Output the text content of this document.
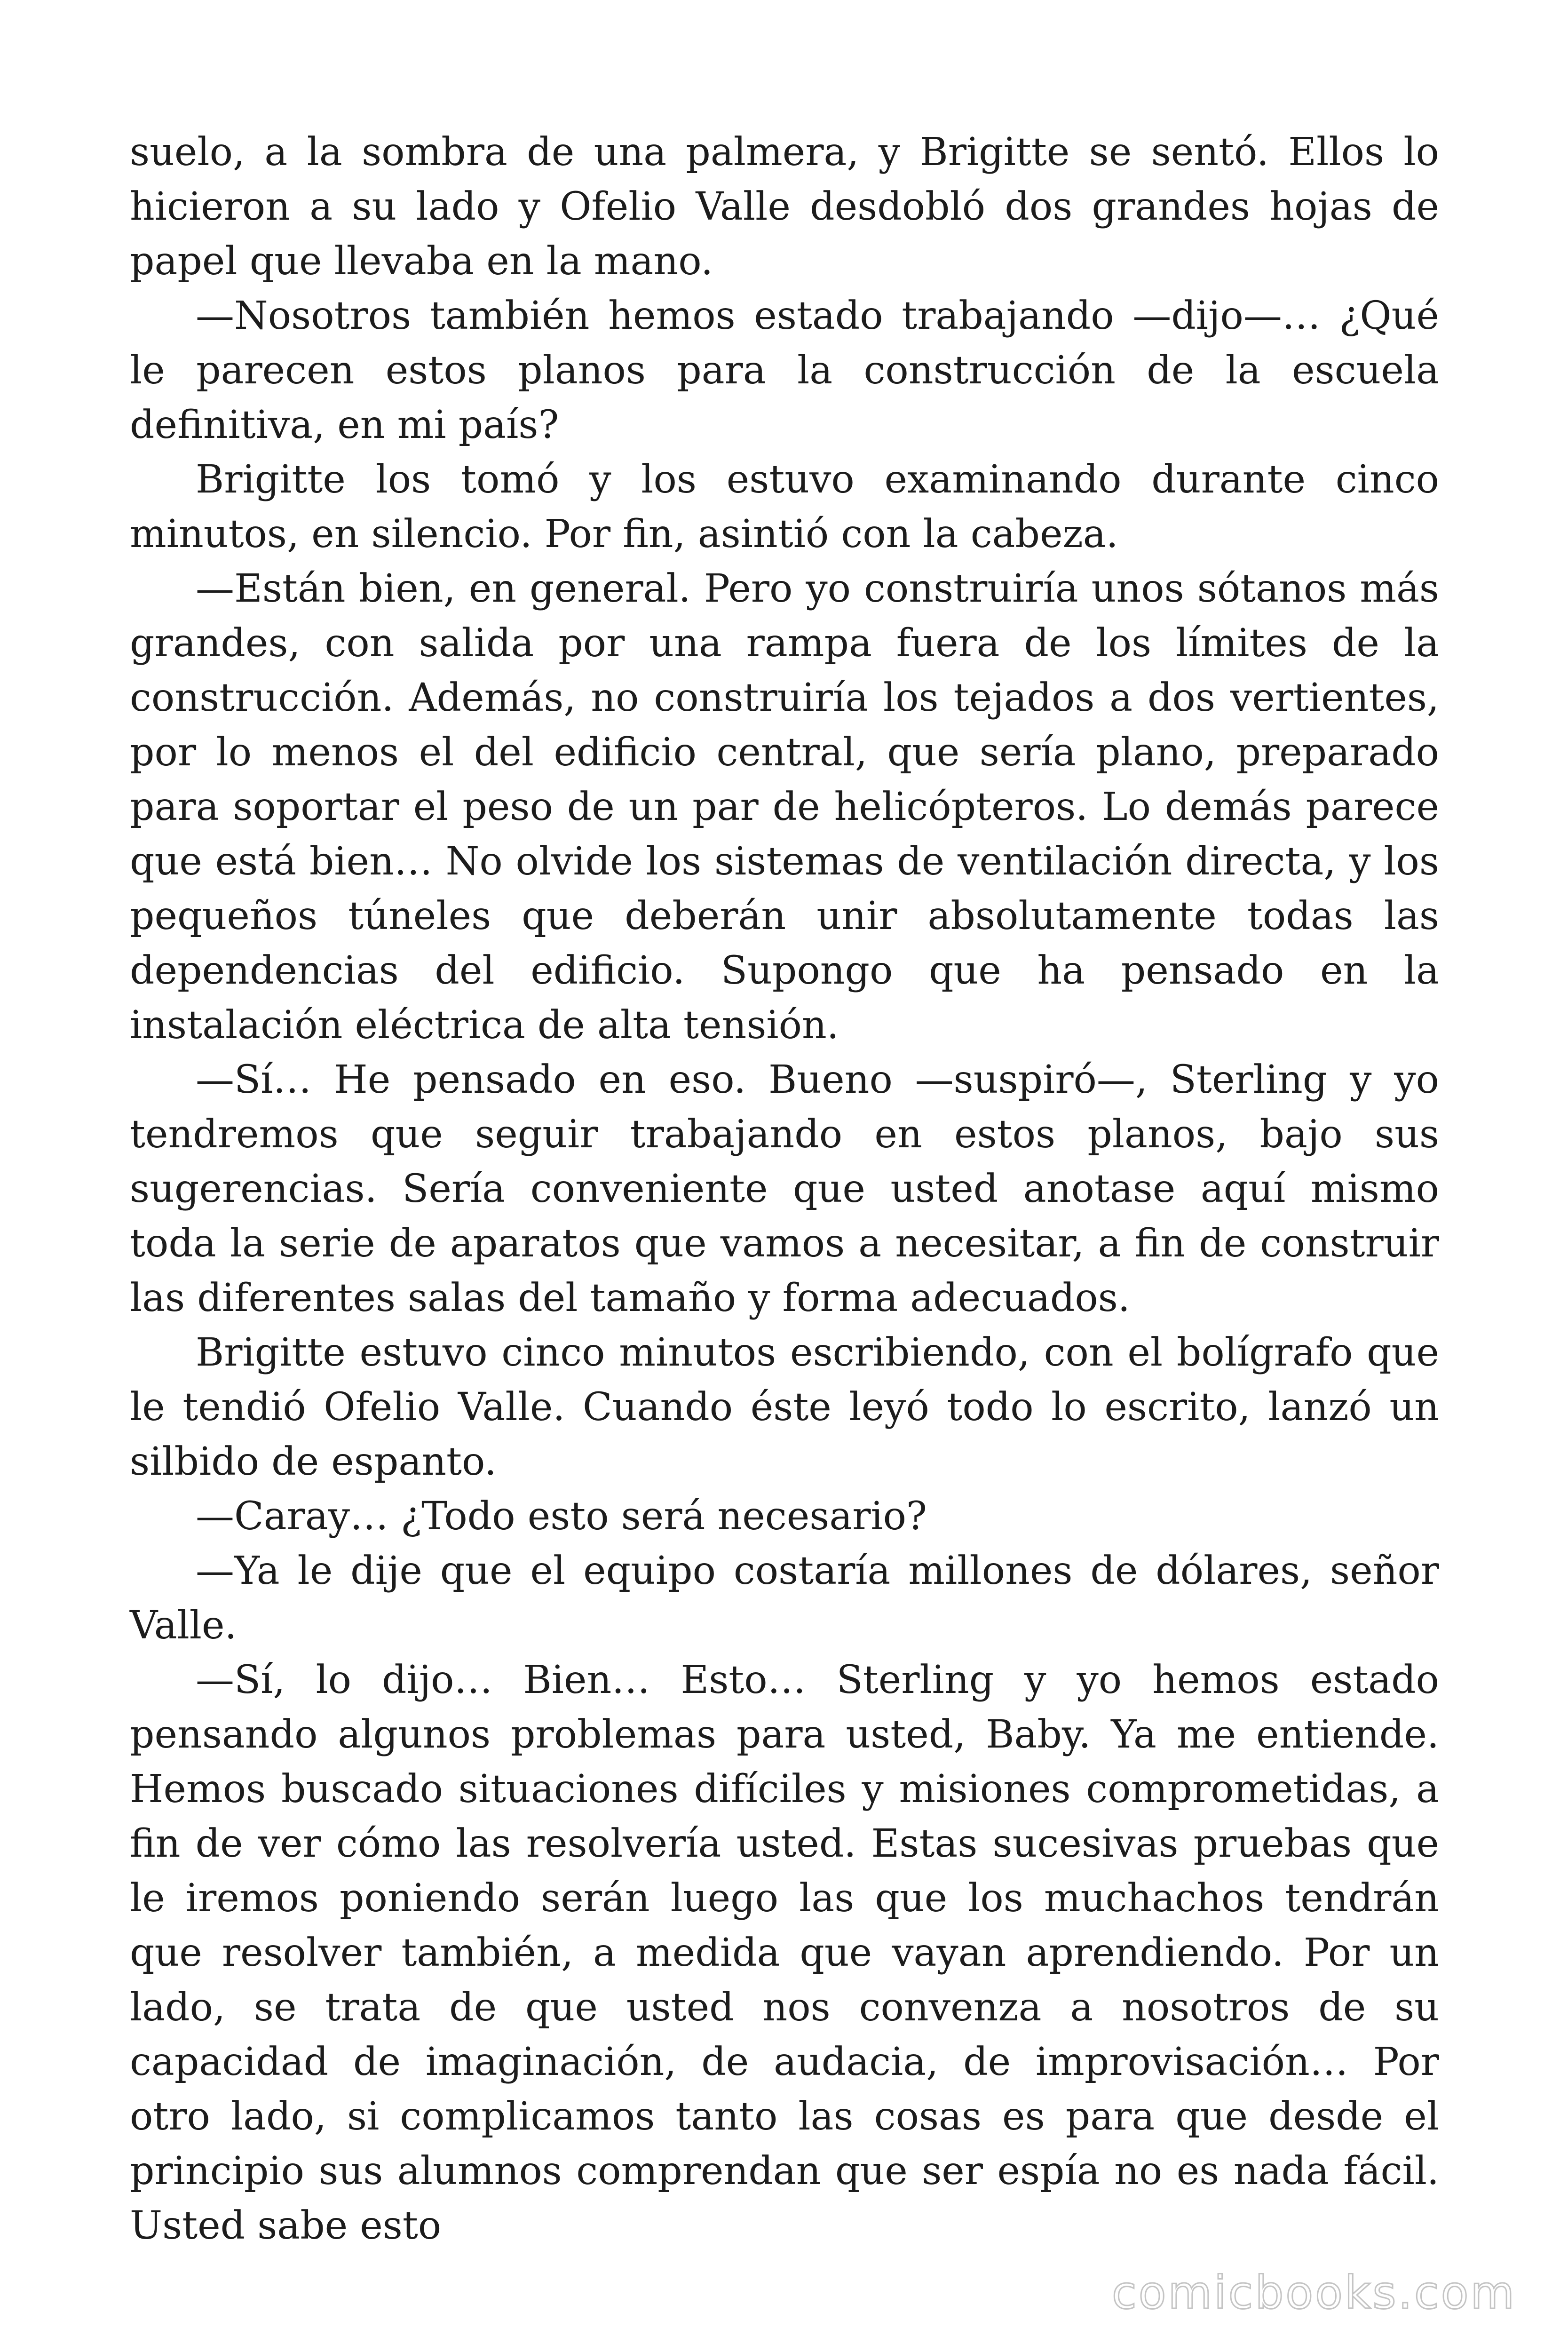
suelo, a la sombra de una palmera, y Brigitte se sentó. Ellos lo hicieron a su lado y Ofelio Valle desdobló dos grandes hojas de papel que llevaba en la mano.

—Nosotros también hemos estado trabajando —dijo—… ¿Qué le parecen estos planos para la construcción de la escuela definitiva, en mi país?

Brigitte los tomó y los estuvo examinando durante cinco minutos, en silencio. Por fin, asintió con la cabeza.

—Están bien, en general. Pero yo construiría unos sótanos más grandes, con salida por una rampa fuera de los límites de la construcción. Además, no construiría los tejados a dos vertientes, por lo menos el del edificio central, que sería plano, preparado para soportar el peso de un par de helicópteros. Lo demás parece que está bien… No olvide los sistemas de ventilación directa, y los pequeños túneles que deberán unir absolutamente todas las dependencias del edificio. Supongo que ha pensado en la instalación eléctrica de alta tensión.

—Sí… He pensado en eso. Bueno —suspiró—, Sterling y yo tendremos que seguir trabajando en estos planos, bajo sus sugerencias. Sería conveniente que usted anotase aquí mismo toda la serie de aparatos que vamos a necesitar, a fin de construir las diferentes salas del tamaño y forma adecuados.

Brigitte estuvo cinco minutos escribiendo, con el bolígrafo que le tendió Ofelio Valle. Cuando éste leyó todo lo escrito, lanzó un silbido de espanto.

—Caray… ¿Todo esto será necesario?

—Ya le dije que el equipo costaría millones de dólares, señor Valle.

—Sí, lo dijo… Bien… Esto… Sterling y yo hemos estado pensando algunos problemas para usted, Baby. Ya me entiende. Hemos buscado situaciones difíciles y misiones comprometidas, a fin de ver cómo las resolvería usted. Estas sucesivas pruebas que le iremos poniendo serán luego las que los muchachos tendrán que resolver también, a medida que vayan aprendiendo. Por un lado, se trata de que usted nos convenza a nosotros de su capacidad de imaginación, de audacia, de improvisación… Por otro lado, si complicamos tanto las cosas es para que desde el principio sus alumnos comprendan que ser espía no es nada fácil. Usted sabe esto

comicbooks.com
